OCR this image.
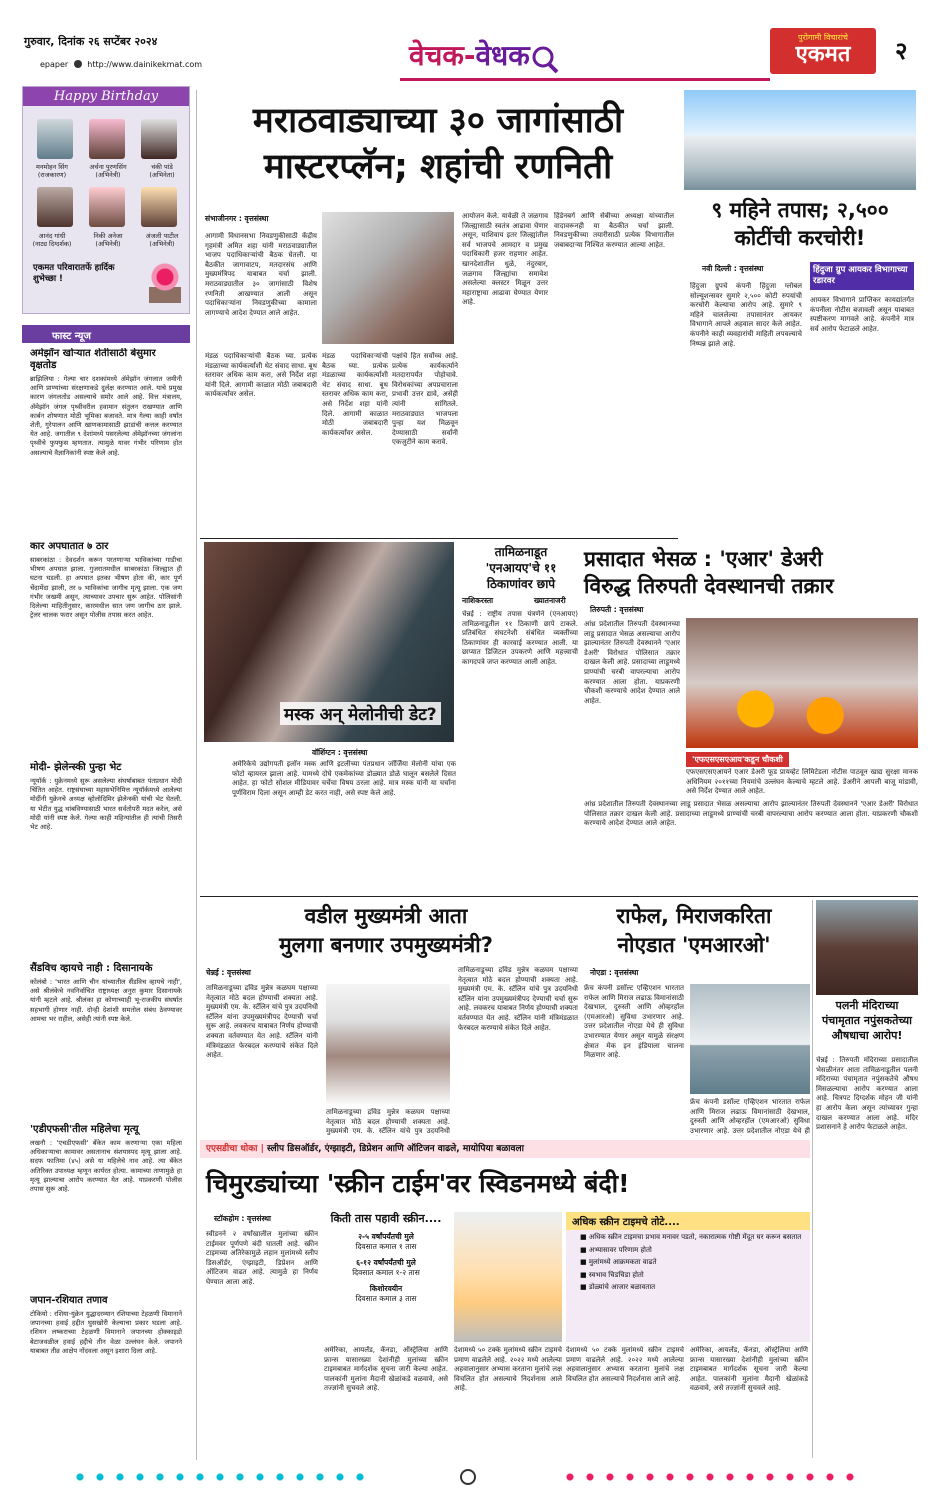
गुरुवार, दिनांक २६ सप्टेंबर २०२४
epaper http://www.dainikekmat.com	वेचक-वेधक
पुरोगामी विचारांचे
एकमत	२
Happy Birthday
मनमोहन सिंग
(राजकारण)
अर्चना पुरणसिंग
(अभिनेत्री)
चंकी पांडे
(अभिनेता)
आनंद गांधी
(नाट्य दिग्दर्शक)
निकी अनेजा
(अभिनेत्री)
अंजली पाटील
(अभिनेत्री)
एकमत परिवारातर्फे हार्दिक शुभेच्छा !
फास्ट न्यूज
अमेझॉन खोऱ्यात शेतीसाठी बेसुमार वृक्षतोड
ब्राझिलिया : गेल्या चार दशकांमध्ये ॲमेझॉन जंगलात जमीनी आणि प्राण्यांच्या संरक्षणाकडे दुर्लक्ष करण्यात आले. याचे प्रमुख कारण जंगलतोड असल्याचे समोर आले आहे. वित्त मंत्रालय, ॲमेझॉन जंगल पृथ्वीवरील हवामान संतुलन राखण्यात आणि कार्बन शोषणात मोठी भूमिका बजावते. मात्र गेल्या काही वर्षांत शेती, गुरेपालन आणि खाणकामासाठी झाडांची कत्तल करण्यात येत आहे. जगातील ९ देशांमध्ये पसरलेल्या ॲमेझॉनच्या जंगलांना पृथ्वीचे फुफ्फुस म्हणतात. त्यामुळे यावर गंभीर परिणाम होत असल्याचे वैज्ञानिकांनी स्पष्ट केले आहे.
कार अपघातात ७ ठार
साबरकांठा : देवदर्शन करून परतणाऱ्या भाविकांच्या गाडीचा भीषण अपघात झाला. गुजरातमधील साबरकांठा जिल्ह्यात ही घटना घडली. हा अपघात इतका भीषण होता की, कार पूर्ण चेंदामेंदा झाली, तर ७ भाविकांचा जागीच मृत्यू झाला. एक जण गंभीर जखमी असून, त्याच्यावर उपचार सुरू आहेत. पोलिसांनी दिलेल्या माहितीनुसार, कारमधील सात जण जागीच ठार झाले. ट्रेलर चालक फरार असून पोलीस तपास करत आहेत.
मोदी- झेलेन्स्की पुन्हा भेट
न्यूयॉर्क : युक्रेनमध्ये सुरू असलेल्या संघर्षाबाबत पंतप्रधान मोदी चिंतित आहेत. राष्ट्रसंघाच्या महासभेनिमित्त न्यूयॉर्कमध्ये आलेल्या मोदींनी युक्रेनचे अध्यक्ष व्होलोदिमिर झेलेन्स्की यांची भेट घेतली. या भेटीत युद्ध थांबविण्यासाठी भारत सर्वतोपरी मदत करेल, असे मोदी यांनी स्पष्ट केले. गेल्या काही महिन्यांतील ही त्यांची तिसरी भेट आहे.
सैंडविच व्हायचे नाही : दिसानायके
कोलंबो : 'भारत आणि चीन यांच्यातील सैंडविच व्हायचे नाही', असे श्रीलंकेचे नवनिर्वाचित राष्ट्राध्यक्ष अनुरा कुमार दिसानायके यांनी म्हटले आहे. श्रीलंका हा कोणाच्याही भू-राजकीय संघर्षात सहभागी होणार नाही. दोन्ही देशांशी समतोल संबंध ठेवण्यावर आमचा भर राहील, असेही त्यांनी स्पष्ट केले.
'एडीएफसी'तील महिलेचा मृत्यू
लखनौ : 'एचडीएफसी' बँकेत काम करणाऱ्या एका महिला अधिकाऱ्याचा कामावर असतानाच संशयास्पद मृत्यू झाला आहे. सदफ फातिमा (४५) असे या महिलेचे नाव आहे. त्या बँकेत अतिरिक्त उपाध्यक्ष म्हणून कार्यरत होत्या. कामाच्या ताणामुळे हा मृत्यू झाल्याचा आरोप करण्यात येत आहे. याप्रकरणी पोलीस तपास सुरू आहे.
जपान-रशियात तणाव
टोकियो : रशिया-युक्रेन युद्धादरम्यान रशियाच्या टेहळणी विमानाने जपानच्या हवाई हद्दीत घुसखोरी केल्याचा प्रकार घडला आहे. रशियन लष्कराच्या टेहळणी विमानाने जपानच्या होक्काइडो बेटाजवळील हवाई हद्दीचे तीन वेळा उल्लंघन केले. जपानने याबाबत तीव्र आक्षेप नोंदवला असून इशारा दिला आहे.
मराठवाड्याच्या ३० जागांसाठी
मास्टरप्लॅन; शहांची रणनिती
संभाजीनगर : वृत्तसंस्था
आगामी विधानसभा निवडणुकीसाठी केंद्रीय गृहमंत्री अमित शहा यांनी मराठवाड्यातील भाजप पदाधिकाऱ्यांची बैठक घेतली. या बैठकीत जागावाटप, मतदारसंघ आणि मुख्यमंत्रिपद याबाबत चर्चा झाली. मराठवाड्यातील ३० जागांसाठी विशेष रणनिती आखण्यात आली असून पदाधिकाऱ्यांना निवडणुकीच्या कामाला लागण्याचे आदेश देण्यात आले आहेत.
मंडळ पदाधिकाऱ्यांची बैठक घ्या. प्रत्येक मंडळाच्या कार्यकर्त्यांशी थेट संवाद साधा. बूथ स्तरावर अधिक काम करा, असे निर्देश शहा यांनी दिले. आगामी काळात मोठी जबाबदारी कार्यकर्त्यांवर असेल.
मंडळ पदाधिकाऱ्यांची बैठक घ्या. प्रत्येक मंडळाच्या कार्यकर्त्यांशी थेट संवाद साधा. बूथ स्तरावर अधिक काम करा, असे निर्देश शहा यांनी दिले. आगामी काळात मोठी जबाबदारी कार्यकर्त्यांवर असेल.
पक्षांचे हित सर्वोच्च आहे. प्रत्येक कार्यकर्त्याने मतदारापर्यंत पोहोचावे. विरोधकांच्या अपप्रचाराला प्रभावी उत्तर द्यावे, असेही त्यांनी सांगितले. मराठवाड्यात भाजपला पुन्हा यश मिळवून देण्यासाठी सर्वांनी एकजुटीने काम करावे.
आयोजन केले. यावेळी ते जळगाव जिल्ह्यासाठी स्वतंत्र आढावा घेणार असून, याशिवाय इतर जिल्ह्यांतील सर्व भाजपचे आमदार व प्रमुख पदाधिकारी हजर राहणार आहेत. खानदेशातील धुळे, नंदुरबार, जळगाव जिल्ह्यांचा समावेश असलेल्या क्लस्टर मिळून उत्तर महाराष्ट्राचा आढावा घेण्यात येणार आहे.
हिंडेनबर्ग आणि सेबीच्या अध्यक्षा यांच्यातील वादावरूनही या बैठकीत चर्चा झाली. निवडणुकीच्या तयारीसाठी प्रत्येक विभागातील जबाबदाऱ्या निश्चित करण्यात आल्या आहेत.
९ महिने तपास; २,५००
कोटींची करचोरी!
नवी दिल्ली : वृत्तसंस्था	हिंदुजा ग्रुप आयकर विभागाच्या रडारवर
हिंदुजा ग्रुपचे कंपनी हिंदुजा ग्लोबल सोल्यूशन्सवर सुमारे २,५०० कोटी रुपयांची करचोरी केल्याचा आरोप आहे. सुमारे ९ महिने चाललेल्या तपासानंतर आयकर विभागाने आपले अहवाल सादर केले आहेत. कंपनीने काही व्यवहारांची माहिती लपवल्याचे निष्पन्न झाले आहे.
आयकर विभागाने प्राप्तिकर कायद्यांतर्गत कंपनीला नोटीस बजावली असून याबाबत स्पष्टीकरण मागवले आहे. कंपनीने मात्र सर्व आरोप फेटाळले आहेत.
मस्क अन् मेलोनीची डेट?
वॉशिंग्टन : वृत्तसंस्था
अमेरिकेचे उद्योगपती इलॉन मस्क आणि इटलीच्या पंतप्रधान जॉर्जिया मेलोनी यांचा एक फोटो व्हायरल झाला आहे. यामध्ये दोघे एकमेकांच्या डोळ्यात डोळे घालून बसलेले दिसत आहेत. हा फोटो सोशल मीडियावर चर्चेचा विषय ठरला आहे. मात्र मस्क यांनी या चर्चांना पूर्णविराम दिला असून आम्ही डेट करत नाही, असे स्पष्ट केले आहे.
तामिळनाडूत 'एनआयए'चे ११ ठिकाणांवर छापे
नाशिकरस्ता	ख्यातनाजरी
चेन्नई : राष्ट्रीय तपास यंत्रणेने (एनआयए) तामिळनाडूतील ११ ठिकाणी छापे टाकले. प्रतिबंधित संघटनेशी संबंधित व्यक्तींच्या ठिकाणांवर ही कारवाई करण्यात आली. या छाप्यात डिजिटल उपकरणे आणि महत्त्वाची कागदपत्रे जप्त करण्यात आली आहेत.
प्रसादात भेसळ : 'एआर' डेअरी
विरुद्ध तिरुपती देवस्थानची तक्रार
तिरुपती : वृत्तसंस्था
आंध्र प्रदेशातील तिरुपती देवस्थानच्या लाडू प्रसादात भेसळ असल्याचा आरोप झाल्यानंतर तिरुपती देवस्थानने 'एआर डेअरी' विरोधात पोलिसात तक्रार दाखल केली आहे. प्रसादाच्या लाडूमध्ये प्राण्यांची चरबी वापरल्याचा आरोप करण्यात आला होता. याप्रकरणी चौकशी करण्याचे आदेश देण्यात आले आहेत.
'एफएसएसएआय'कडून चौकशी
एफएसएसएआयने एआर डेअरी फूड प्रायव्हेट लिमिटेडला नोटीस पाठवून खाद्य सुरक्षा मानक अधिनियम २०११च्या नियमांचे उल्लंघन केल्याचे म्हटले आहे. डेअरीने आपली बाजू मांडावी, असे निर्देश देण्यात आले आहेत.
आंध्र प्रदेशातील तिरुपती देवस्थानच्या लाडू प्रसादात भेसळ असल्याचा आरोप झाल्यानंतर तिरुपती देवस्थानने 'एआर डेअरी' विरोधात पोलिसात तक्रार दाखल केली आहे. प्रसादाच्या लाडूमध्ये प्राण्यांची चरबी वापरल्याचा आरोप करण्यात आला होता. याप्रकरणी चौकशी करण्याचे आदेश देण्यात आले आहेत.
वडील मुख्यमंत्री आता
मुलगा बनणार उपमुख्यमंत्री?
चेन्नई : वृत्तसंस्था
तामिळनाडूच्या द्रविड मुन्नेत्र कळघम पक्षाच्या नेतृत्वात मोठे बदल होण्याची शक्यता आहे. मुख्यमंत्री एम. के. स्टॅलिन यांचे पुत्र उदयनिधी स्टॅलिन यांना उपमुख्यमंत्रीपद देण्याची चर्चा सुरू आहे. लवकरच याबाबत निर्णय होण्याची शक्यता वर्तवण्यात येत आहे. स्टॅलिन यांनी मंत्रिमंडळात फेरबदल करण्याचे संकेत दिले आहेत.
तामिळनाडूच्या द्रविड मुन्नेत्र कळघम पक्षाच्या नेतृत्वात मोठे बदल होण्याची शक्यता आहे. मुख्यमंत्री एम. के. स्टॅलिन यांचे पुत्र उदयनिधी
तामिळनाडूच्या द्रविड मुन्नेत्र कळघम पक्षाच्या नेतृत्वात मोठे बदल होण्याची शक्यता आहे. मुख्यमंत्री एम. के. स्टॅलिन यांचे पुत्र उदयनिधी स्टॅलिन यांना उपमुख्यमंत्रीपद देण्याची चर्चा सुरू आहे. लवकरच याबाबत निर्णय होण्याची शक्यता वर्तवण्यात येत आहे. स्टॅलिन यांनी मंत्रिमंडळात फेरबदल करण्याचे संकेत दिले आहेत.
राफेल, मिराजकरिता
नोएडात 'एमआरओ'
नोएडा : वृत्तसंस्था
फ्रेंच कंपनी डसॉल्ट एव्हिएशन भारतात राफेल आणि मिराज लढाऊ विमानांसाठी देखभाल, दुरुस्ती आणि ओव्हरहॉल (एमआरओ) सुविधा उभारणार आहे. उत्तर प्रदेशातील नोएडा येथे ही सुविधा उभारण्यात येणार असून यामुळे संरक्षण क्षेत्रात मेक इन इंडियाला चालना मिळणार आहे.
फ्रेंच कंपनी डसॉल्ट एव्हिएशन भारतात राफेल आणि मिराज लढाऊ विमानांसाठी देखभाल, दुरुस्ती आणि ओव्हरहॉल (एमआरओ) सुविधा उभारणार आहे. उत्तर प्रदेशातील नोएडा येथे ही
पलनी मंदिराच्या पंचामृतात नपुंसकतेच्या औषधाचा आरोप!
चेन्नई : तिरुपती मंदिराच्या प्रसादातील भेसळीनंतर आता तामिळनाडूतील पलनी मंदिराच्या पंचामृतात नपुंसकतेचे औषध मिसळल्याचा आरोप करण्यात आला आहे. चित्रपट दिग्दर्शक मोहन जी यांनी हा आरोप केला असून त्यांच्यावर गुन्हा दाखल करण्यात आला आहे. मंदिर प्रशासनाने हे आरोप फेटाळले आहेत.
एएसडीचा धोका | स्लीप डिसऑर्डर, एंग्झाइटी, डिप्रेशन आणि ऑटिजन वाढले, मायोपिया बळावला
चिमुरड्यांच्या 'स्क्रीन टाईम'वर स्विडनमध्ये बंदी!
स्टॉकहोम : वृत्तसंस्था
स्वीडनने २ वर्षांखालील मुलांच्या स्क्रीन टाईमवर पूर्णपणे बंदी घातली आहे. स्क्रीन टाइमच्या अतिरेकामुळे लहान मुलांमध्ये स्लीप डिसऑर्डर, एंग्झाइटी, डिप्रेशन आणि ऑटिजम वाढत आहे. त्यामुळे हा निर्णय घेण्यात आला आहे.
किती तास पहावी स्क्रीन....
२-५ वर्षांपर्यंतची मुले
दिवसात कमाल १ तास
६-१२ वर्षांपर्यंतची मुले
दिवसात कमाल १-२ तास
किशोरवयीन
दिवसात कमाल ३ तास
अमेरिका, आयर्लंड, कॅनडा, ऑस्ट्रेलिया आणि फ्रान्स यासारख्या देशांनीही मुलांच्या स्क्रीन टाइमबाबत मार्गदर्शक सूचना जारी केल्या आहेत. पालकांनी मुलांना मैदानी खेळांकडे वळवावे, असे तज्ज्ञांनी सुचवले आहे.
देशामध्ये ५० टक्के मुलांमध्ये स्क्रीन टाइमचे प्रमाण वाढलेले आहे. २०२२ मध्ये आलेल्या अहवालानुसार अभ्यास करताना मुलांचे लक्ष विचलित होत असल्याचे निदर्शनास आले आहे.
अधिक स्क्रीन टाइमचे तोटे....
■ अधिक स्क्रीन टाइमचा प्रभाव मनावर पडतो, नकारात्मक गोष्टी मेंदूत घर करून बसतात
■ अभ्यासावर परिणाम होतो
■ मुलांमध्ये आक्रमकता वाढते
■ स्वभाव चिडचिडा होतो
■ डोळ्यांचे आजार बळावतात
देशामध्ये ५० टक्के मुलांमध्ये स्क्रीन टाइमचे प्रमाण वाढलेले आहे. २०२२ मध्ये आलेल्या अहवालानुसार अभ्यास करताना मुलांचे लक्ष विचलित होत असल्याचे निदर्शनास आले आहे.
अमेरिका, आयर्लंड, कॅनडा, ऑस्ट्रेलिया आणि फ्रान्स यासारख्या देशांनीही मुलांच्या स्क्रीन टाइमबाबत मार्गदर्शक सूचना जारी केल्या आहेत. पालकांनी मुलांना मैदानी खेळांकडे वळवावे, असे तज्ज्ञांनी सुचवले आहे.
